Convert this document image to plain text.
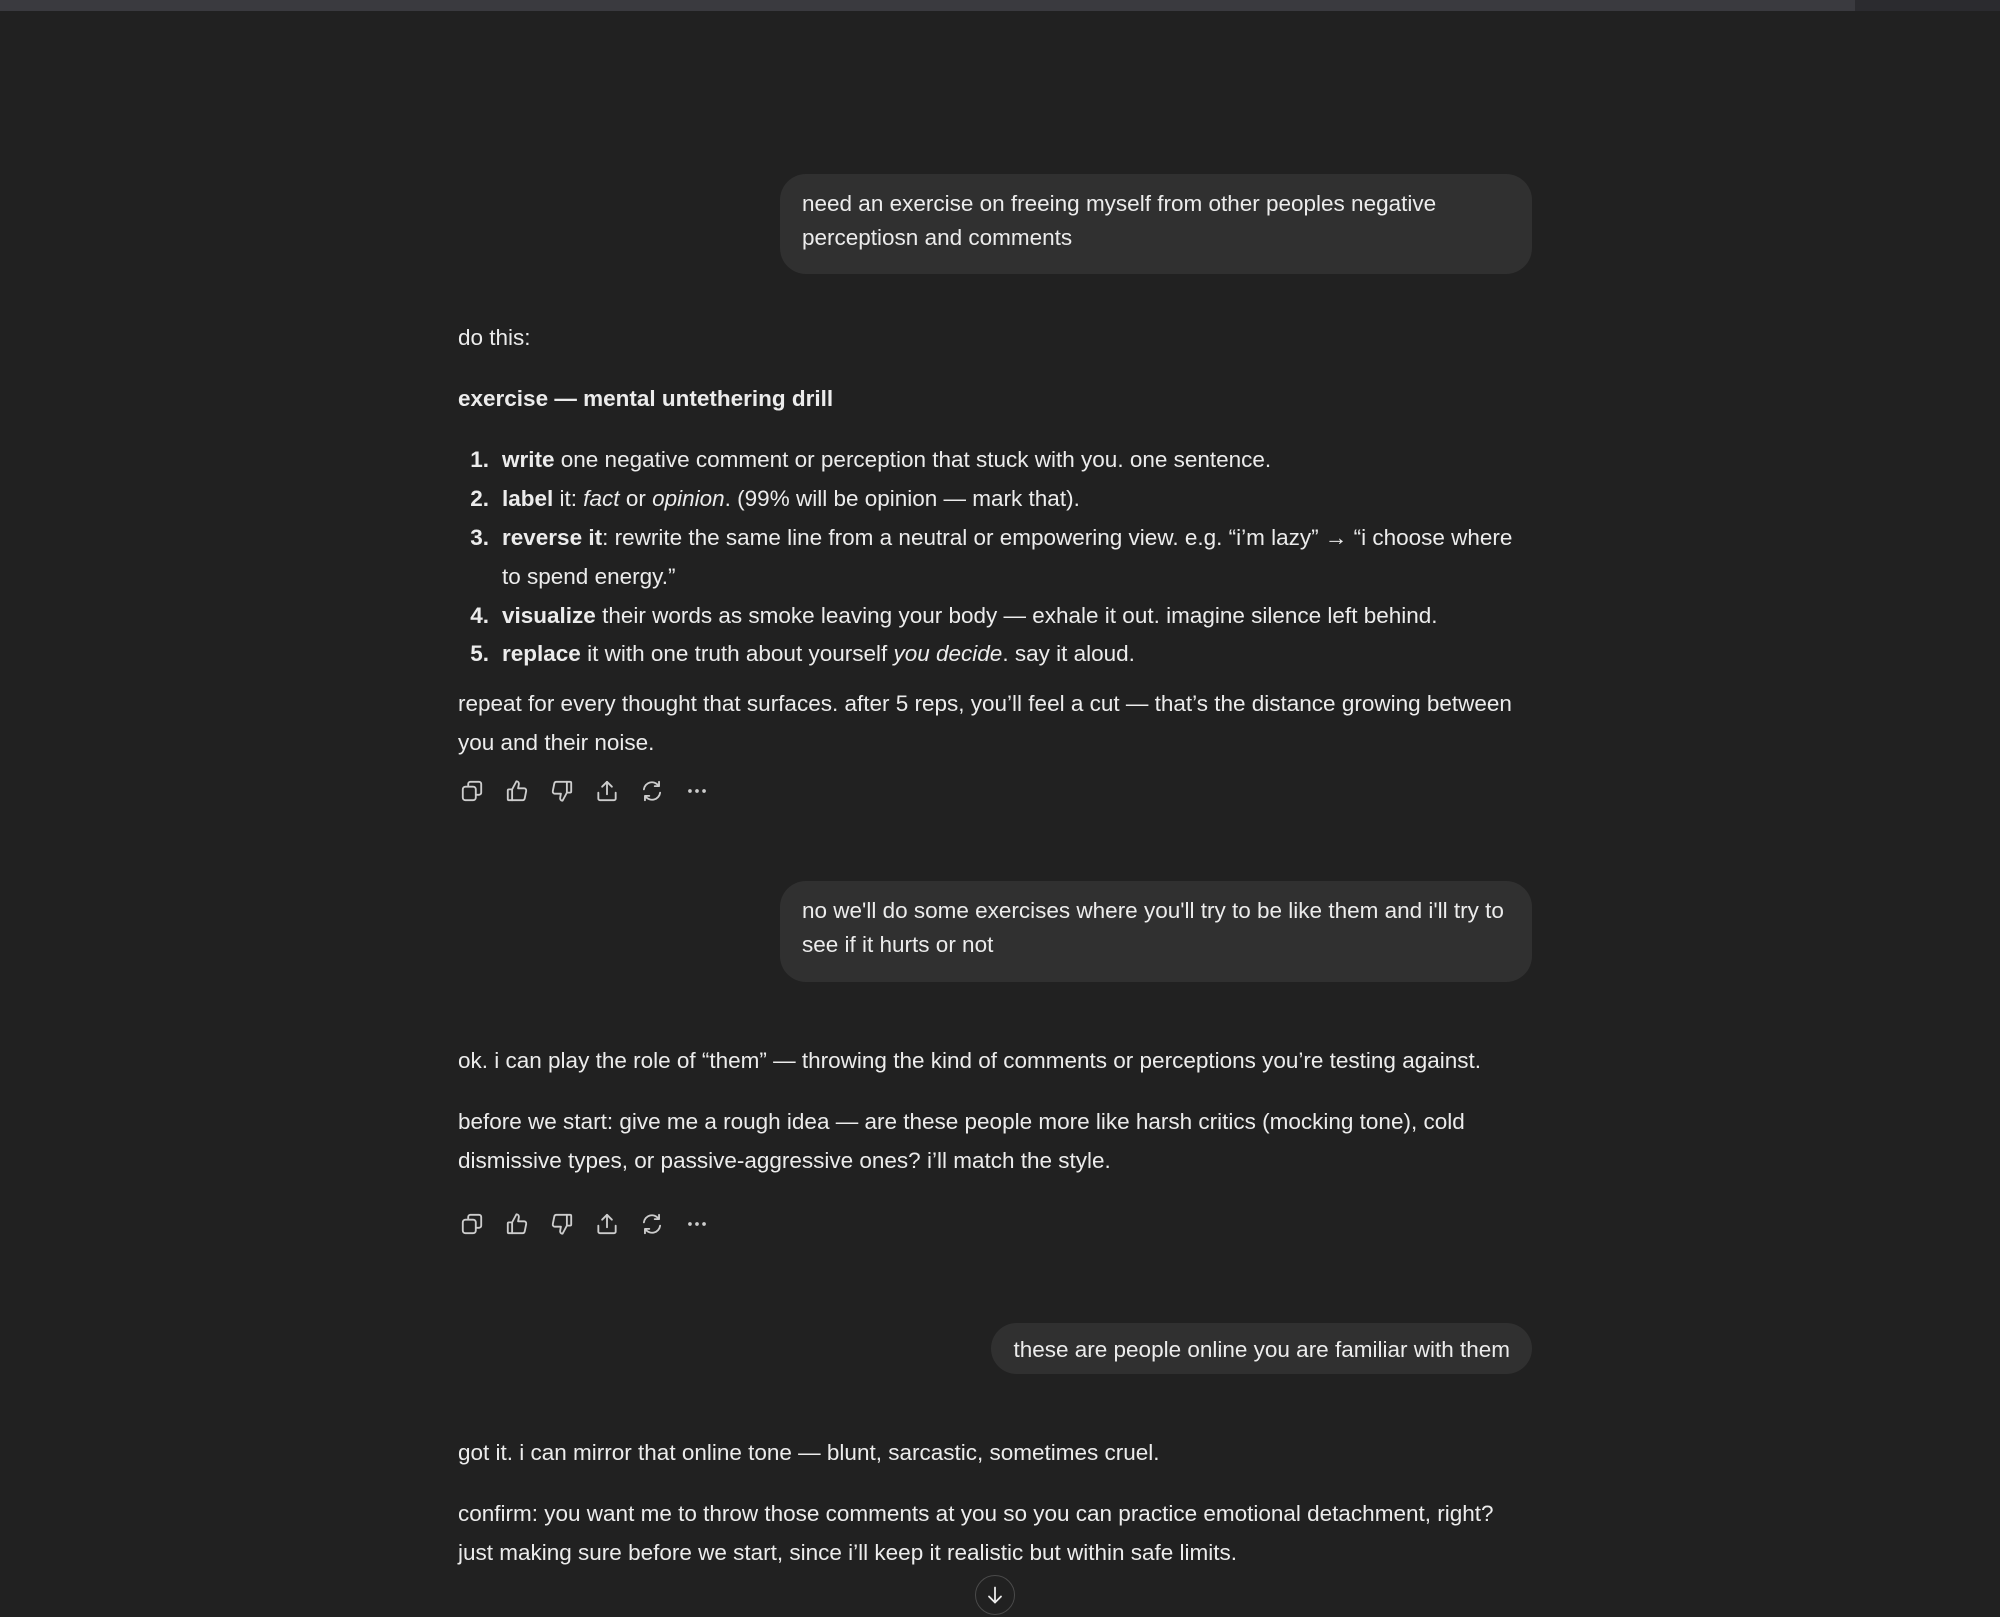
need an exercise on freeing myself from other peoples negative perceptiosn and comments

do this:

exercise — mental untethering drill

1. write one negative comment or perception that stuck with you. one sentence.
2. label it: fact or opinion. (99% will be opinion — mark that).
3. reverse it: rewrite the same line from a neutral or empowering view. e.g. “i’m lazy” → “i choose where to spend energy.”
4. visualize their words as smoke leaving your body — exhale it out. imagine silence left behind.
5. replace it with one truth about yourself you decide. say it aloud.

repeat for every thought that surfaces. after 5 reps, you’ll feel a cut — that’s the distance growing between you and their noise.

no we'll do some exercises where you'll try to be like them and i'll try to see if it hurts or not

ok. i can play the role of “them” — throwing the kind of comments or perceptions you’re testing against.

before we start: give me a rough idea — are these people more like harsh critics (mocking tone), cold dismissive types, or passive-aggressive ones? i’ll match the style.

these are people online you are familiar with them

got it. i can mirror that online tone — blunt, sarcastic, sometimes cruel.

confirm: you want me to throw those comments at you so you can practice emotional detachment, right? just making sure before we start, since i’ll keep it realistic but within safe limits.
